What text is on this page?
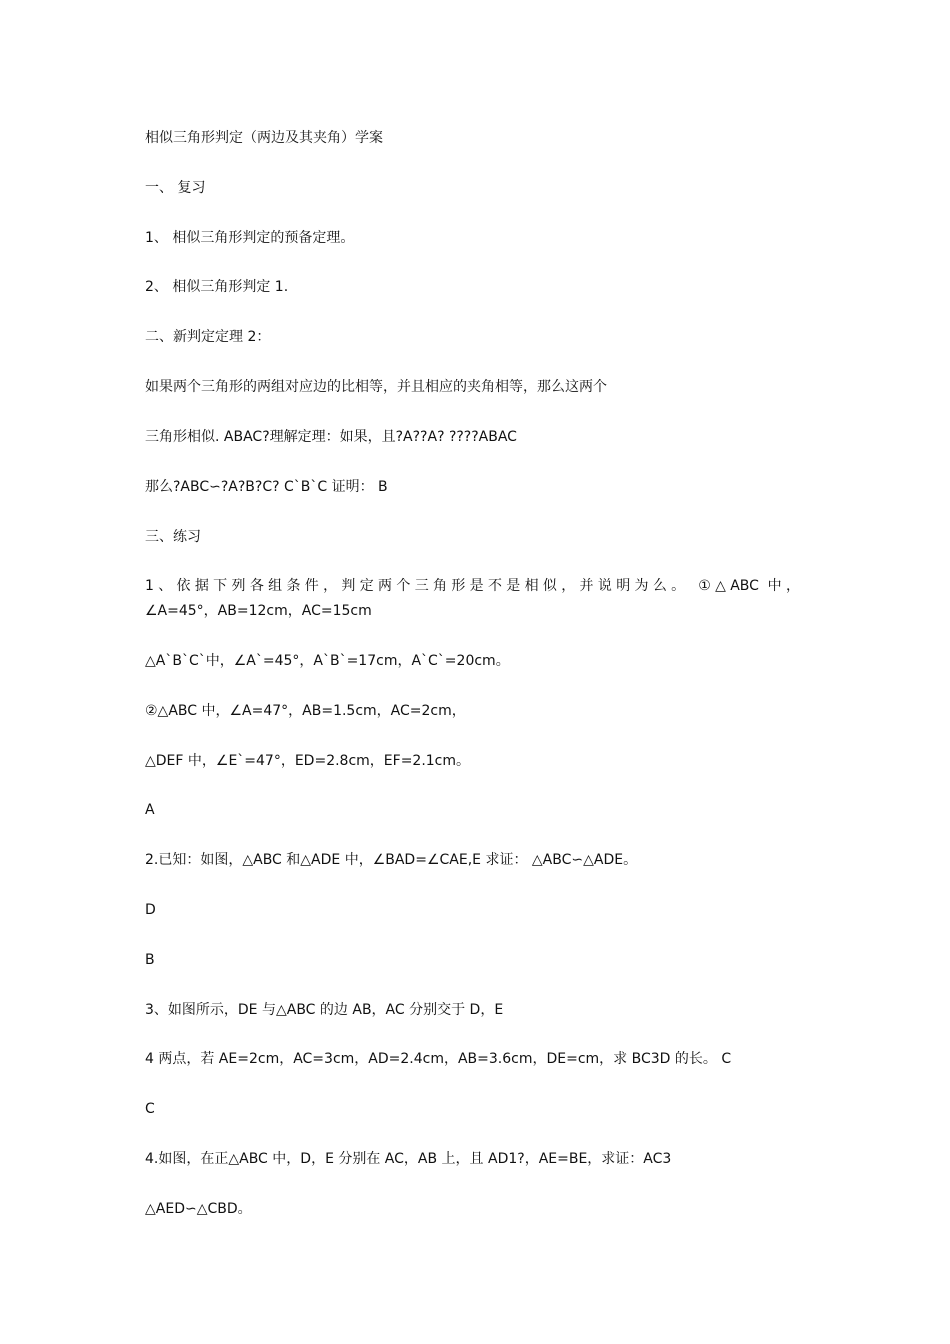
相似三角形判定（两边及其夹角）学案
一、 复习
1、 相似三角形判定的预备定理。
2、 相似三角形判定 1.
二、新判定定理 2：
如果两个三角形的两组对应边的比相等，并且相应的夹角相等，那么这两个
三角形相似. ABAC?理解定理：如果，且?A??A? ????ABAC
那么?ABC∽?A?B?C? C`B`C 证明： B
三、练习
1、依据下列各组条件，判定两个三角形是不是相似，并说明为么。 ①△ABC 中，
∠A=45°，AB=12cm，AC=15cm
△A`B`C`中，∠A`=45°，A`B`=17cm，A`C`=20cm。
②△ABC 中，∠A=47°，AB=1.5cm，AC=2cm，
△DEF 中，∠E`=47°，ED=2.8cm，EF=2.1cm。
A
2.已知：如图，△ABC 和△ADE 中，∠BAD=∠CAE,E 求证： △ABC∽△ADE。
D
B
3、如图所示，DE 与△ABC 的边 AB，AC 分别交于 D，E
4 两点，若 AE=2cm，AC=3cm，AD=2.4cm，AB=3.6cm，DE=cm，求 BC3D 的长。 C
C
4.如图，在正△ABC 中，D，E 分别在 AC，AB 上，且 AD1?，AE=BE，求证：AC3
△AED∽△CBD。
